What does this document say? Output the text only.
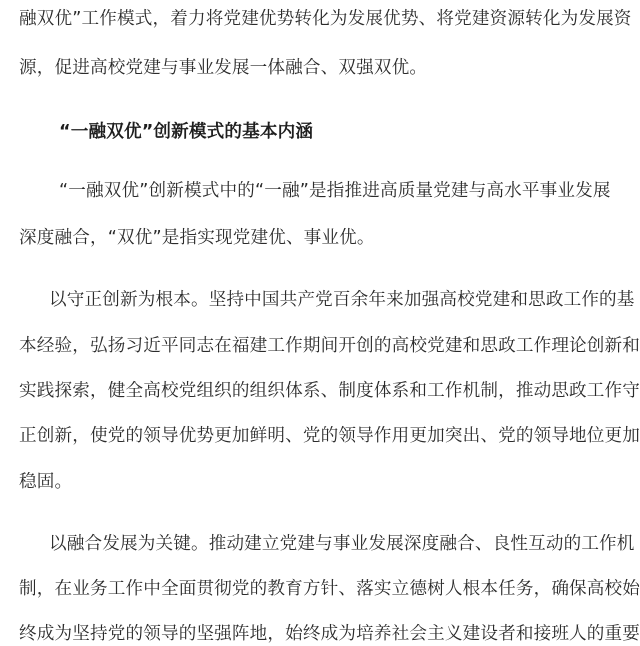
融双优”工作模式，着力将党建优势转化为发展优势、将党建资源转化为发展资
源，促进高校党建与事业发展一体融合、双强双优。
“一融双优”创新模式的基本内涵
“一融双优”创新模式中的“一融”是指推进高质量党建与高水平事业发展
深度融合，“双优”是指实现党建优、事业优。
以守正创新为根本。坚持中国共产党百余年来加强高校党建和思政工作的基
本经验，弘扬习近平同志在福建工作期间开创的高校党建和思政工作理论创新和
实践探索，健全高校党组织的组织体系、制度体系和工作机制，推动思政工作守
正创新，使党的领导优势更加鲜明、党的领导作用更加突出、党的领导地位更加
稳固。
以融合发展为关键。推动建立党建与事业发展深度融合、良性互动的工作机
制，在业务工作中全面贯彻党的教育方针、落实立德树人根本任务，确保高校始
终成为坚持党的领导的坚强阵地，始终成为培养社会主义建设者和接班人的重要
